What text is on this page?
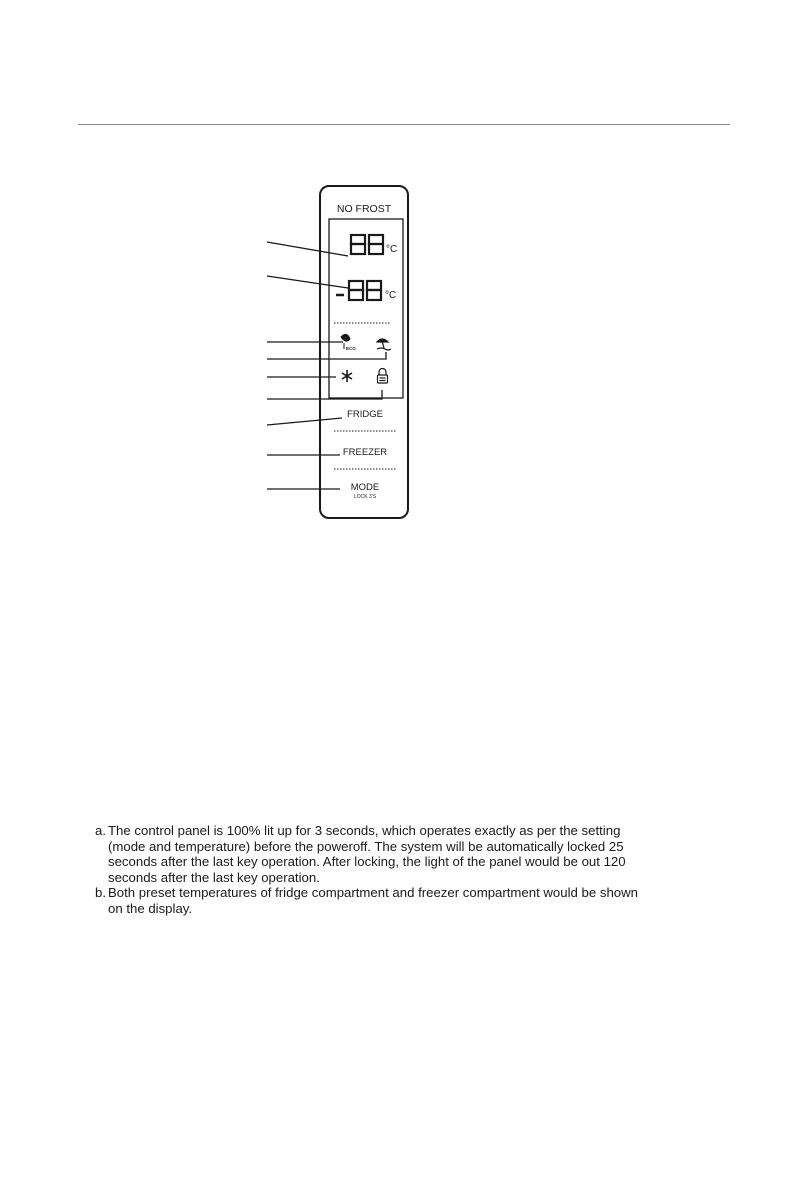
NO FROST
°C
°C
ECO
FRIDGE
FREEZER
MODE
LOCK 3'S
a. The control panel is 100% lit up for 3 seconds, which operates exactly as per the setting
(mode and temperature) before the poweroff. The system will be automatically locked 25
seconds after the last key operation. After locking, the light of the panel would be out 120
seconds after the last key operation.
b. Both preset temperatures of fridge compartment and freezer compartment would be shown
on the display.
